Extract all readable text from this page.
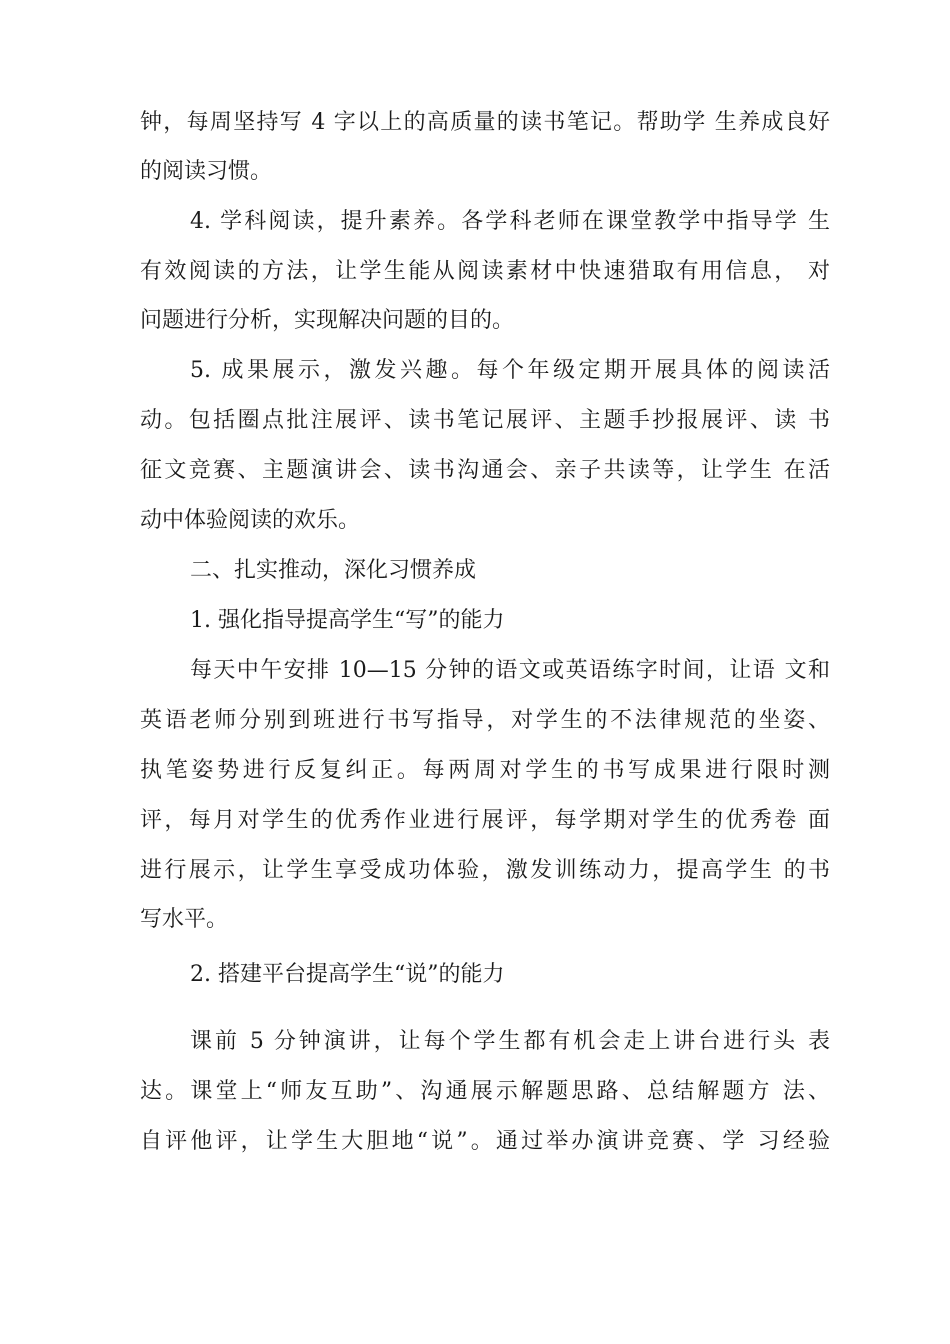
钟，每周坚持写 4 字以上的高质量的读书笔记。帮助学 生养成良好
的阅读习惯。
4. 学科阅读，提升素养。各学科老师在课堂教学中指导学 生
有效阅读的方法，让学生能从阅读素材中快速猎取有用信息， 对
问题进行分析，实现解决问题的目的。
5. 成果展示，激发兴趣。每个年级定期开展具体的阅读活
动。包括圈点批注展评、读书笔记展评、主题手抄报展评、读 书
征文竞赛、主题演讲会、读书沟通会、亲子共读等，让学生 在活
动中体验阅读的欢乐。
二、扎实推动，深化习惯养成
1. 强化指导提高学生“写”的能力
每天中午安排 10—15 分钟的语文或英语练字时间，让语 文和
英语老师分别到班进行书写指导，对学生的不法律规范的坐姿、
执笔姿势进行反复纠正。每两周对学生的书写成果进行限时测
评，每月对学生的优秀作业进行展评，每学期对学生的优秀卷 面
进行展示，让学生享受成功体验，激发训练动力，提高学生 的书
写水平。
2. 搭建平台提高学生“说”的能力
课前 5 分钟演讲，让每个学生都有机会走上讲台进行头 表
达。课堂上“师友互助”、沟通展示解题思路、总结解题方 法、
自评他评，让学生大胆地“说”。通过举办演讲竞赛、学 习经验
